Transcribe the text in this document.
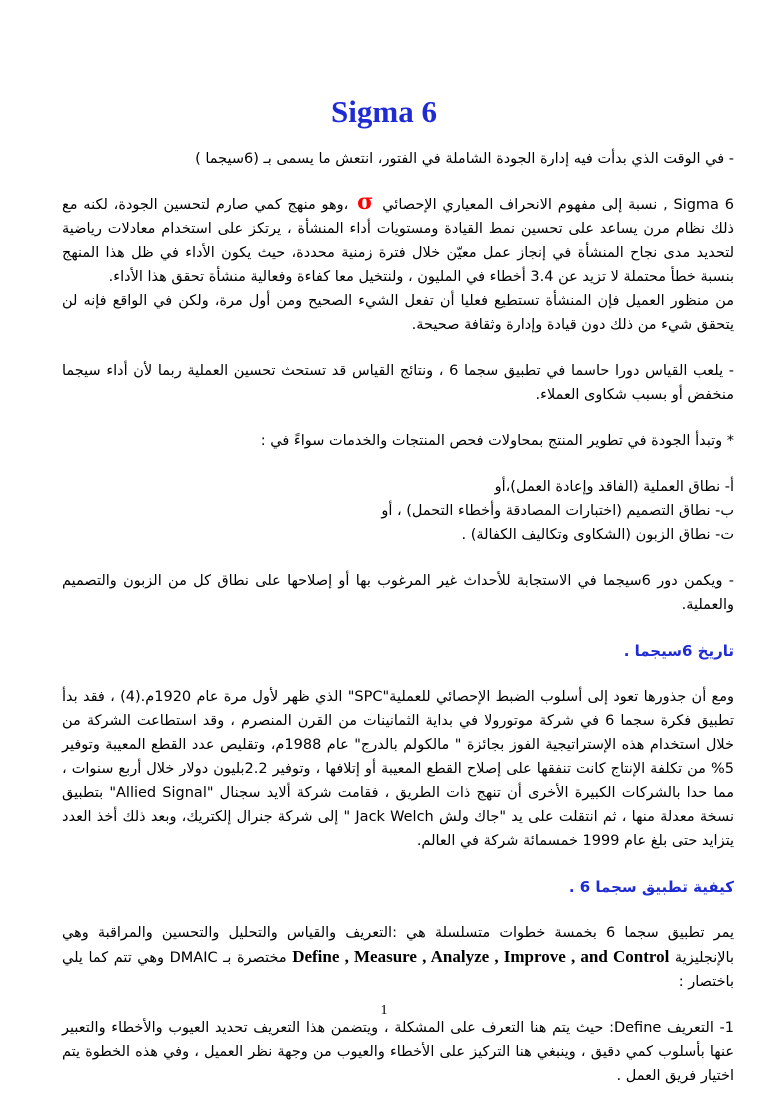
Sigma 6

- في الوقت الذي بدأت فيه إدارة الجودة الشاملة في الفتور، انتعش ما يسمى بـ (6سيجما )

Sigma 6 , نسبة إلى مفهوم الانحراف المعياري الإحصائي σ ،وهو منهج كمي صارم لتحسين الجودة، لكنه مع ذلك نظام مرن يساعد على تحسين نمط القيادة ومستويات أداء المنشأة ، يرتكز على استخدام معادلات رياضية لتحديد مدى نجاح المنشأة في إنجاز عمل معيّن خلال فترة زمنية محددة، حيث يكون الأداء في ظل هذا المنهج بنسبة خطأ محتملة لا تزيد عن 3.4 أخطاء في المليون ، ولنتخيل معا كفاءة وفعالية منشأة تحقق هذا الأداء.

من منظور العميل فإن المنشأة تستطيع فعليا أن تفعل الشيء الصحيح ومن أول مرة، ولكن في الواقع فإنه لن يتحقق شيء من ذلك دون قيادة وإدارة وثقافة صحيحة.

- يلعب القياس دورا حاسما في تطبيق سجما 6 ، ونتائج القياس قد تستحث تحسين العملية ربما لأن أداء سيجما منخفض أو بسبب شكاوى العملاء.

* وتبدأ الجودة في تطوير المنتج بمحاولات فحص المنتجات والخدمات سواءً في :

أ- نطاق العملية (الفاقد وإعادة العمل)،أو
ب- نطاق التصميم (اختبارات المصادقة وأخطاء التحمل) ، أو
ت- نطاق الزبون (الشكاوى وتكاليف الكفالة) .

- ويكمن دور 6سيجما في الاستجابة للأحداث غير المرغوب بها أو إصلاحها على نطاق كل من الزبون والتصميم والعملية.

تاريخ 6سيجما .

ومع أن جذورها تعود إلى أسلوب الضبط الإحصائي للعملية"SPC" الذي ظهر لأول مرة عام 1920م.(4) ، فقد بدأ تطبيق فكرة سجما 6 في شركة موتورولا في بداية الثمانينات من القرن المنصرم ، وقد استطاعت الشركة من خلال استخدام هذه الإستراتيجية الفوز بجائزة " مالكولم بالدرج" عام 1988م، وتقليص عدد القطع المعيبة وتوفير 5% من تكلفة الإنتاج كانت تنفقها على إصلاح القطع المعيبة أو إتلافها ، وتوفير 2.2بليون دولار خلال أربع سنوات ، مما حدا بالشركات الكبيرة الأخرى أن تنهج ذات الطريق ، فقامت شركة ألايد سجنال "Allied Signal" بتطبيق نسخة معدلة منها ، ثم انتقلت على يد "جاك ولش Jack Welch " إلى شركة جنرال إلكتريك، وبعد ذلك أخذ العدد يتزايد حتى بلغ عام 1999 خمسمائة شركة في العالم.

كيفية تطبيق سجما 6 .

يمر تطبيق سجما 6 بخمسة خطوات متسلسلة هي :التعريف والقياس والتحليل والتحسين والمراقبة وهي بالإنجليزية Define , Measure , Analyze , Improve , and Control مختصرة بـ DMAIC وهي تتم كما يلي باختصار :

1- التعريف Define: حيث يتم هنا التعرف على المشكلة ، ويتضمن هذا التعريف تحديد العيوب والأخطاء والتعبير عنها بأسلوب كمي دقيق ، وينبغي هنا التركيز على الأخطاء والعيوب من وجهة نظر العميل ، وفي هذه الخطوة يتم اختيار فريق العمل .

1
